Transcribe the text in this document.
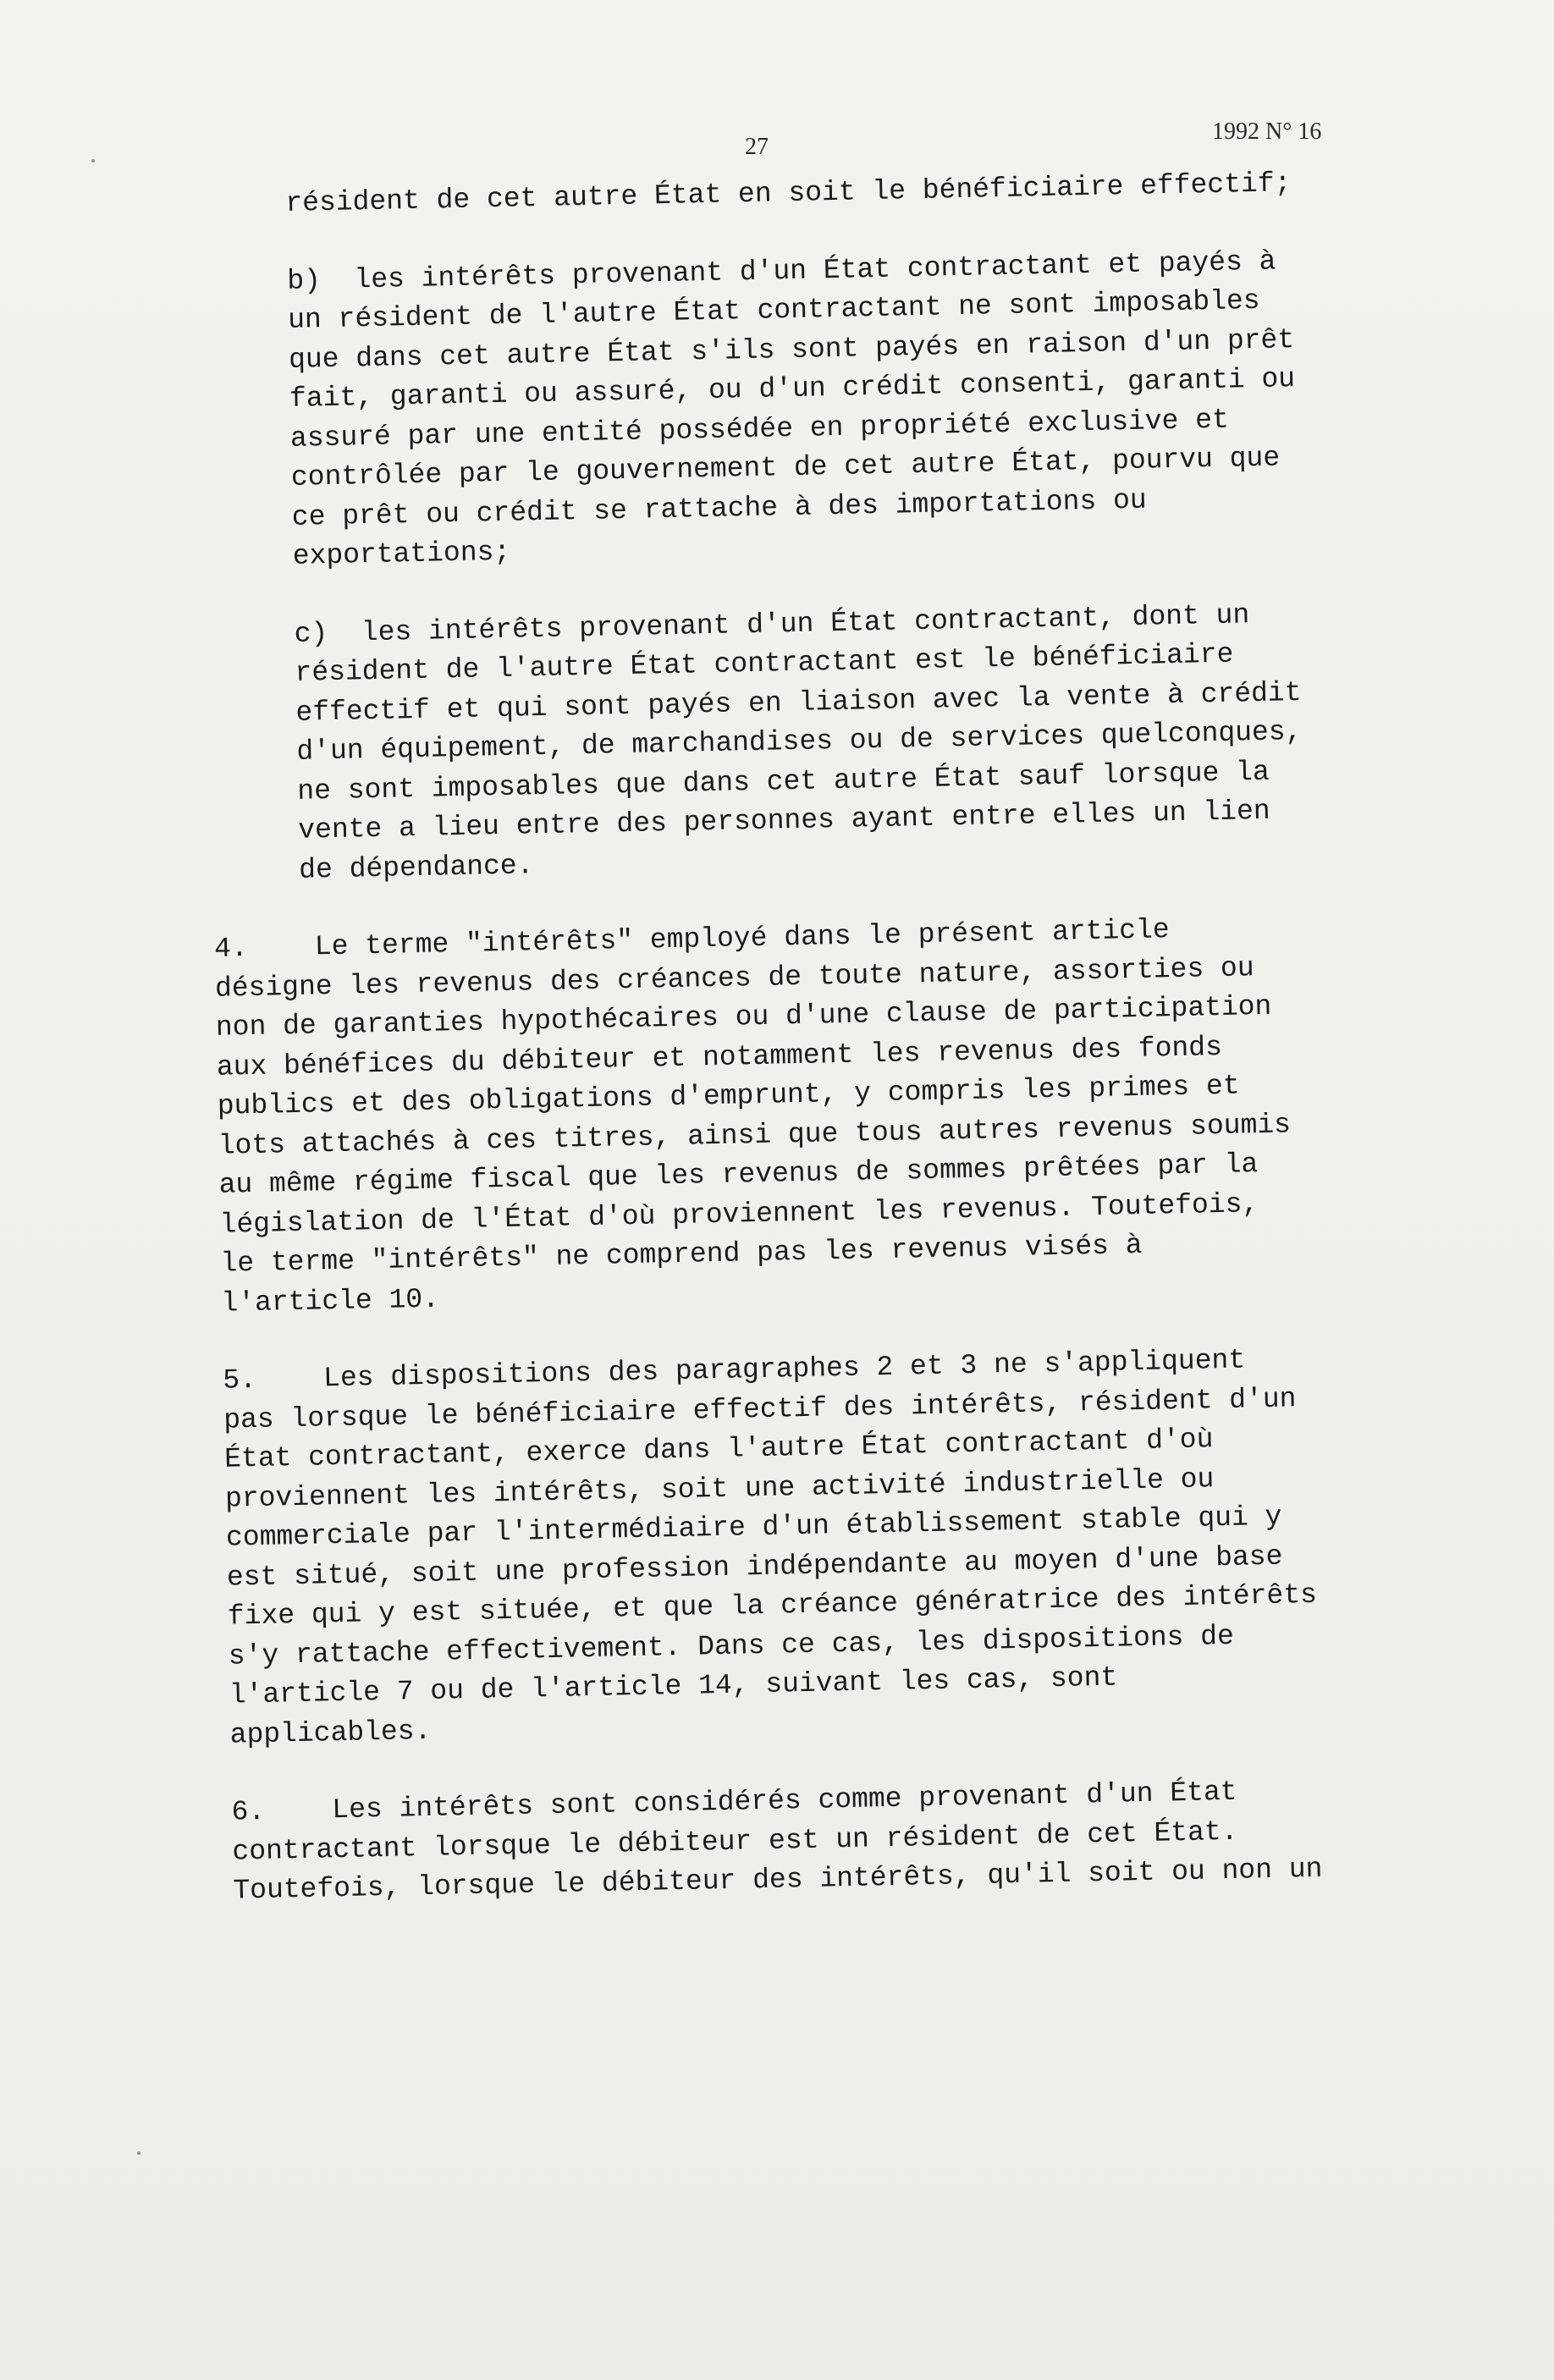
27
1992 N° 16
résident de cet autre État en soit le bénéficiaire effectif;
b)  les intérêts provenant d'un État contractant et payés à
un résident de l'autre État contractant ne sont imposables
que dans cet autre État s'ils sont payés en raison d'un prêt
fait, garanti ou assuré, ou d'un crédit consenti, garanti ou
assuré par une entité possédée en propriété exclusive et
contrôlée par le gouvernement de cet autre État, pourvu que
ce prêt ou crédit se rattache à des importations ou
exportations;
c)  les intérêts provenant d'un État contractant, dont un
résident de l'autre État contractant est le bénéficiaire
effectif et qui sont payés en liaison avec la vente à crédit
d'un équipement, de marchandises ou de services quelconques,
ne sont imposables que dans cet autre État sauf lorsque la
vente a lieu entre des personnes ayant entre elles un lien
de dépendance.
4.    Le terme "intérêts" employé dans le présent article
désigne les revenus des créances de toute nature, assorties ou
non de garanties hypothécaires ou d'une clause de participation
aux bénéfices du débiteur et notamment les revenus des fonds
publics et des obligations d'emprunt, y compris les primes et
lots attachés à ces titres, ainsi que tous autres revenus soumis
au même régime fiscal que les revenus de sommes prêtées par la
législation de l'État d'où proviennent les revenus. Toutefois,
le terme "intérêts" ne comprend pas les revenus visés à
l'article 10.
5.    Les dispositions des paragraphes 2 et 3 ne s'appliquent
pas lorsque le bénéficiaire effectif des intérêts, résident d'un
État contractant, exerce dans l'autre État contractant d'où
proviennent les intérêts, soit une activité industrielle ou
commerciale par l'intermédiaire d'un établissement stable qui y
est situé, soit une profession indépendante au moyen d'une base
fixe qui y est située, et que la créance génératrice des intérêts
s'y rattache effectivement. Dans ce cas, les dispositions de
l'article 7 ou de l'article 14, suivant les cas, sont
applicables.
6.    Les intérêts sont considérés comme provenant d'un État
contractant lorsque le débiteur est un résident de cet État.
Toutefois, lorsque le débiteur des intérêts, qu'il soit ou non un
